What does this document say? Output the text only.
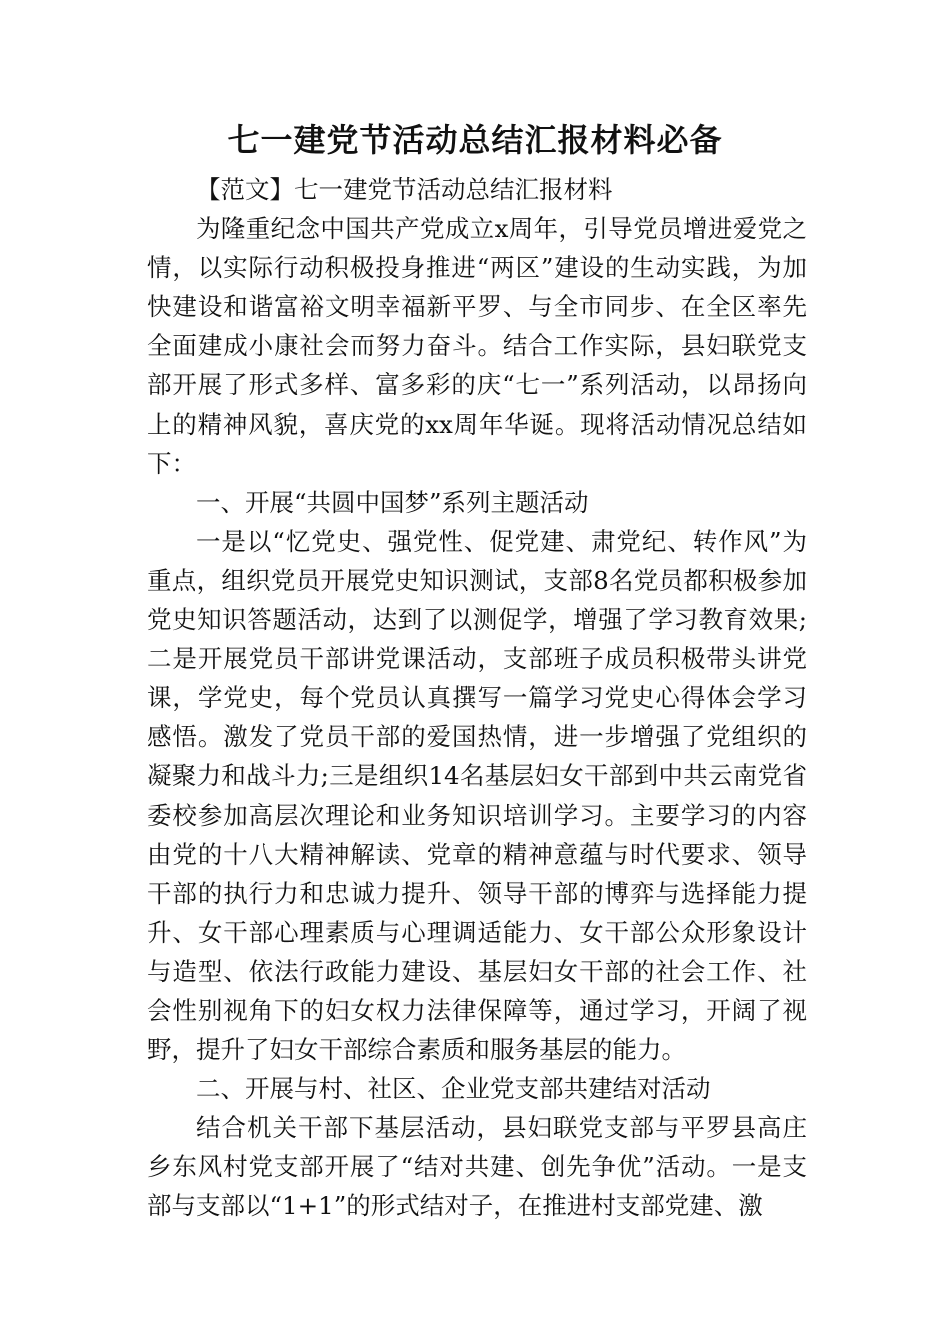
七一建党节活动总结汇报材料必备

【范文】七一建党节活动总结汇报材料

为隆重纪念中国共产党成立x周年，引导党员增进爱党之情，以实际行动积极投身推进“两区”建设的生动实践，为加快建设和谐富裕文明幸福新平罗、与全市同步、在全区率先全面建成小康社会而努力奋斗。结合工作实际，县妇联党支部开展了形式多样、富多彩的庆“七一”系列活动，以昂扬向上的精神风貌，喜庆党的xx周年华诞。现将活动情况总结如下：

一、开展“共圆中国梦”系列主题活动

一是以“忆党史、强党性、促党建、肃党纪、转作风”为重点，组织党员开展党史知识测试，支部8名党员都积极参加党史知识答题活动，达到了以测促学，增强了学习教育效果;二是开展党员干部讲党课活动，支部班子成员积极带头讲党课，学党史，每个党员认真撰写一篇学习党史心得体会学习感悟。激发了党员干部的爱国热情，进一步增强了党组织的凝聚力和战斗力;三是组织14名基层妇女干部到中共云南党省委校参加高层次理论和业务知识培训学习。主要学习的内容由党的十八大精神解读、党章的精神意蕴与时代要求、领导干部的执行力和忠诚力提升、领导干部的博弈与选择能力提升、女干部心理素质与心理调适能力、女干部公众形象设计与造型、依法行政能力建设、基层妇女干部的社会工作、社会性别视角下的妇女权力法律保障等，通过学习，开阔了视野，提升了妇女干部综合素质和服务基层的能力。

二、开展与村、社区、企业党支部共建结对活动

结合机关干部下基层活动，县妇联党支部与平罗县高庄乡东风村党支部开展了“结对共建、创先争优”活动。一是支部与支部以“1+1”的形式结对子，在推进村支部党建、激
